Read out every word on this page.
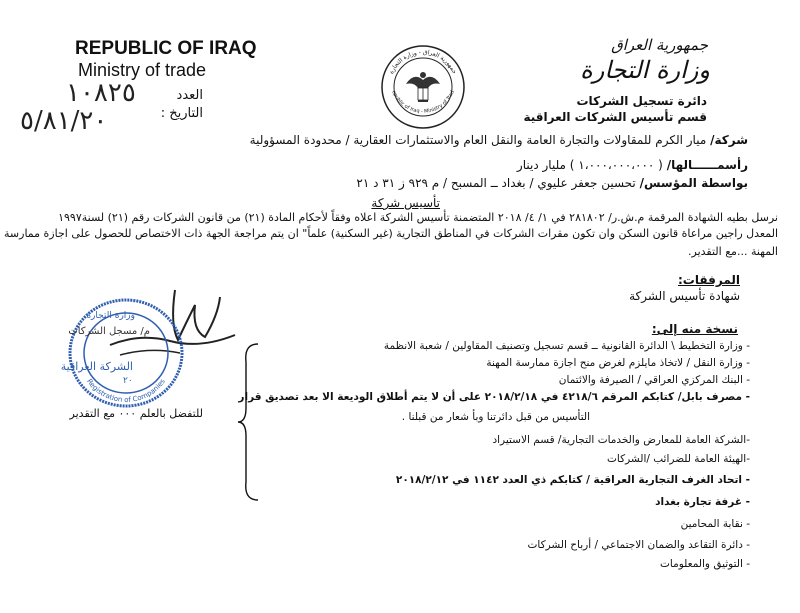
REPUBLIC OF IRAQ
Ministry of trade
العدد
١٠٨٢٥
التاريخ :
٥/٨١/٢٠
جمهورية العراق - وزارة التجارة
epublic of Iraq - Ministry of Trad
جمهورية العراق
وزارة التجارة
دائرة تسجيل الشركات
قسم تأسيس الشركات العراقية
شركة/ ميار الكرم للمقاولات والتجارة العامة والنقل العام والاستثمارات العقارية / محدودة المسؤولية
رأسمــــــالها/ ( ١،٠٠٠،٠٠٠،٠٠٠ ) مليار دينار
بواسطة المؤسس/ تحسين جعفر عليوي / بغداد ــ المسبح / م ٩٢٩ ز ٣١ د ٢١
تأسيس شركة
نرسل بطيه الشهادة المرقمة م.ش.ر/ ٢٨١٨٠٢ في ١/ ٤/ ٢٠١٨ المتضمنة تأسيس الشركة اعلاه وفقاً لأحكام المادة (٢١) من قانون الشركات رقم (٢١) لسنة١٩٩٧
المعدل راجين مراعاة قانون السكن وان تكون مقرات الشركات في المناطق التجارية (غير السكنية) علماً" ان يتم مراجعة الجهة ذات الاختصاص للحصول على اجازة ممارسة
المهنة ...مع التقدير.
المرفقات:
شهادة تأسيس الشركة
نسخة منه إلى:
- وزارة التخطيط \ الدائرة القانونية ــ قسم تسجيل وتصنيف المقاولين / شعبة الانظمة
- وزارة النقل / لاتخاذ مايلزم لغرض منح اجازة ممارسة المهنة
- البنك المركزي العراقي / الصيرفة والائتمان
- مصرف بابل/ كتابكم المرقم ٤٢١٨/٦ في ٢٠١٨/٢/١٨ على أن لا يتم أطلاق الوديعة الا بعد تصديق قرار
التأسيس من قبل دائرتنا وبأ شعار من قبلنا .
-الشركة العامة للمعارض والخدمات التجارية/ قسم الاستيراد
-الهيئة العامة للضرائب /الشركات
- اتحاد الغرف التجارية العراقية / كتابكم ذي العدد ١١٤٢ في ٢٠١٨/٢/١٢
- غرفة تجارة بغداد
- نقابة المحامين
- دائرة التقاعد والضمان الاجتماعي / أرباح الشركات
- التوثيق والمعلومات
Registration of Companies
وزارة التجارة
م/ مسجل الشركات
الشركة العراقية
٢٠
للتفضل بالعلم ٠٠٠ مع التقدير
